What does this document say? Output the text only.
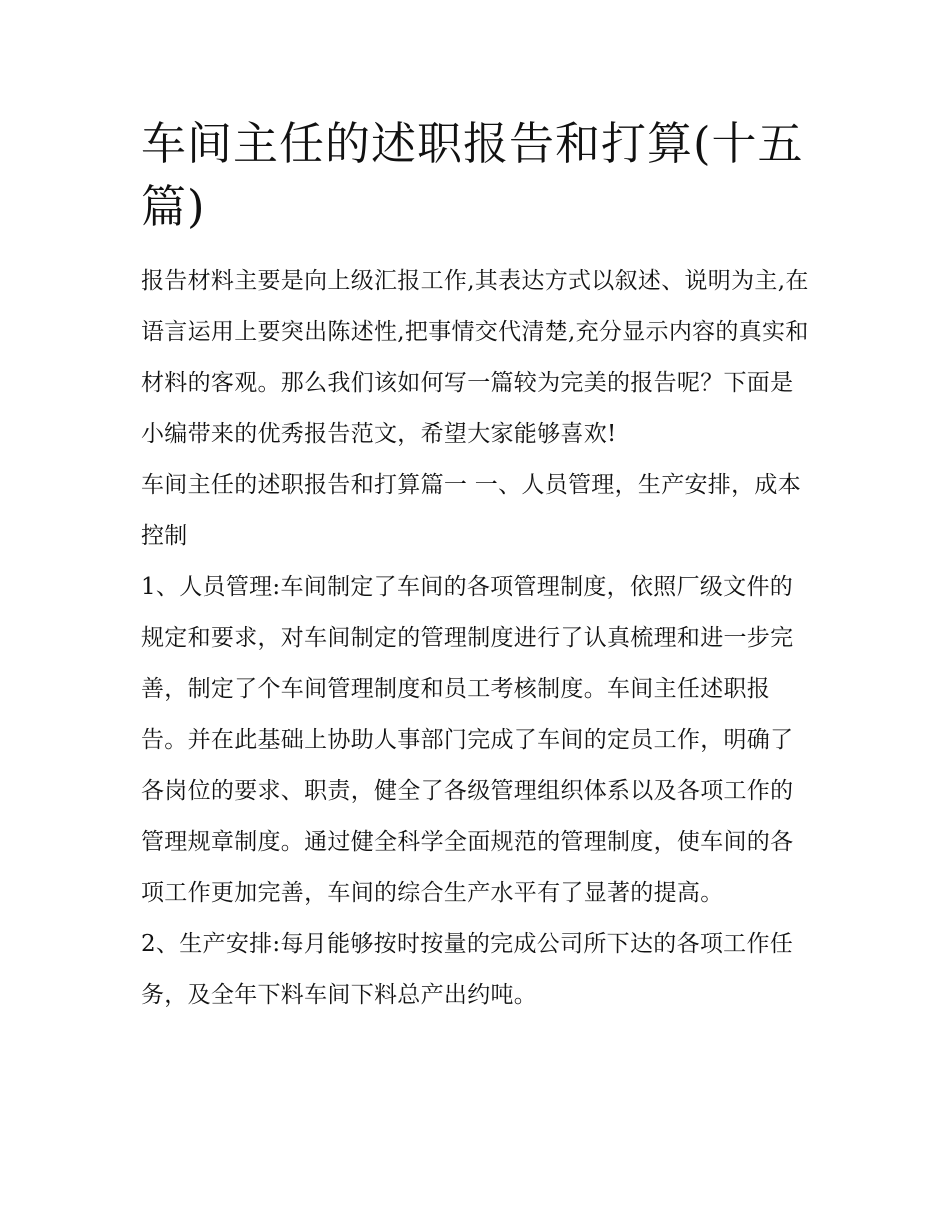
车间主任的述职报告和打算(十五篇)

报告材料主要是向上级汇报工作,其表达方式以叙述、说明为主,在语言运用上要突出陈述性,把事情交代清楚,充分显示内容的真实和材料的客观。那么我们该如何写一篇较为完美的报告呢？下面是小编带来的优秀报告范文，希望大家能够喜欢!

车间主任的述职报告和打算篇一 一、人员管理，生产安排，成本控制

1、人员管理:车间制定了车间的各项管理制度，依照厂级文件的规定和要求，对车间制定的管理制度进行了认真梳理和进一步完善，制定了个车间管理制度和员工考核制度。车间主任述职报告。并在此基础上协助人事部门完成了车间的定员工作，明确了各岗位的要求、职责，健全了各级管理组织体系以及各项工作的管理规章制度。通过健全科学全面规范的管理制度，使车间的各项工作更加完善，车间的综合生产水平有了显著的提高。

2、生产安排:每月能够按时按量的完成公司所下达的各项工作任务，及全年下料车间下料总产出约吨。
